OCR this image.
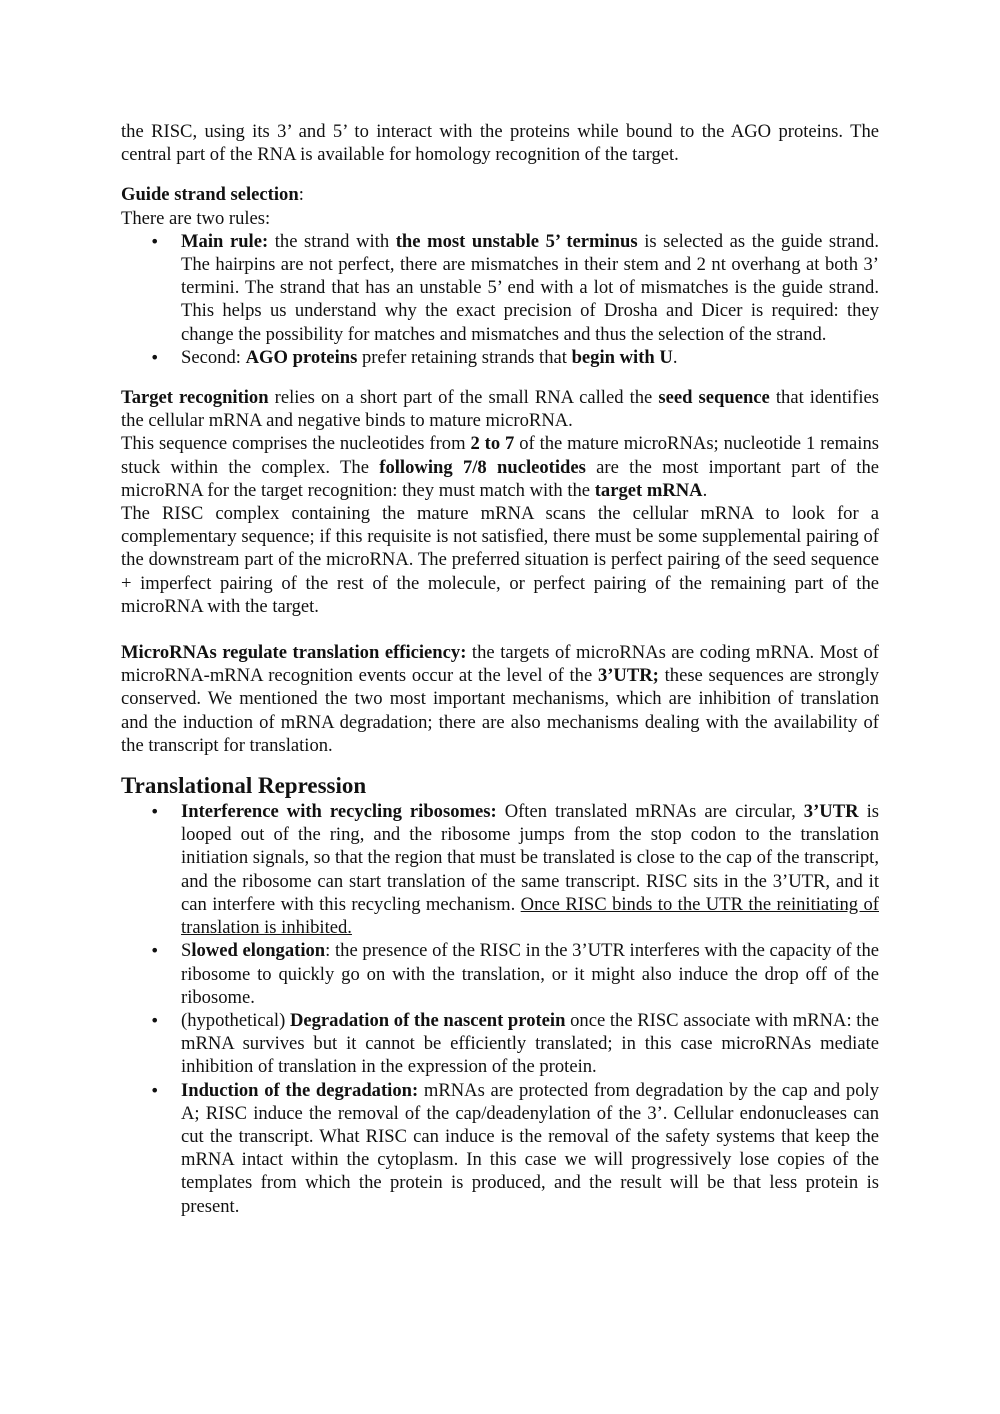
the RISC, using its 3’ and 5’ to interact with the proteins while bound to the AGO proteins. The central part of the RNA is available for homology recognition of the target.

Guide strand selection:

There are two rules:

• Main rule: the strand with the most unstable 5’ terminus is selected as the guide strand. The hairpins are not perfect, there are mismatches in their stem and 2 nt overhang at both 3’ termini. The strand that has an unstable 5’ end with a lot of mismatches is the guide strand. This helps us understand why the exact precision of Drosha and Dicer is required: they change the possibility for matches and mismatches and thus the selection of the strand.
• Second: AGO proteins prefer retaining strands that begin with U.

Target recognition relies on a short part of the small RNA called the seed sequence that identifies the cellular mRNA and negative binds to mature microRNA.

This sequence comprises the nucleotides from 2 to 7 of the mature microRNAs; nucleotide 1 remains stuck within the complex. The following 7/8 nucleotides are the most important part of the microRNA for the target recognition: they must match with the target mRNA.

The RISC complex containing the mature mRNA scans the cellular mRNA to look for a complementary sequence; if this requisite is not satisfied, there must be some supplemental pairing of the downstream part of the microRNA. The preferred situation is perfect pairing of the seed sequence + imperfect pairing of the rest of the molecule, or perfect pairing of the remaining part of the microRNA with the target.

MicroRNAs regulate translation efficiency: the targets of microRNAs are coding mRNA. Most of microRNA-mRNA recognition events occur at the level of the 3’UTR; these sequences are strongly conserved. We mentioned the two most important mechanisms, which are inhibition of translation and the induction of mRNA degradation; there are also mechanisms dealing with the availability of the transcript for translation.

Translational Repression
• Interference with recycling ribosomes: Often translated mRNAs are circular, 3’UTR is looped out of the ring, and the ribosome jumps from the stop codon to the translation initiation signals, so that the region that must be translated is close to the cap of the transcript, and the ribosome can start translation of the same transcript. RISC sits in the 3’UTR, and it can interfere with this recycling mechanism. Once RISC binds to the UTR the reinitiating of translation is inhibited.
• Slowed elongation: the presence of the RISC in the 3’UTR interferes with the capacity of the ribosome to quickly go on with the translation, or it might also induce the drop off of the ribosome.
• (hypothetical) Degradation of the nascent protein once the RISC associate with mRNA: the mRNA survives but it cannot be efficiently translated; in this case microRNAs mediate inhibition of translation in the expression of the protein.
• Induction of the degradation: mRNAs are protected from degradation by the cap and poly A; RISC induce the removal of the cap/deadenylation of the 3’. Cellular endonucleases can cut the transcript. What RISC can induce is the removal of the safety systems that keep the mRNA intact within the cytoplasm. In this case we will progressively lose copies of the templates from which the protein is produced, and the result will be that less protein is present.
